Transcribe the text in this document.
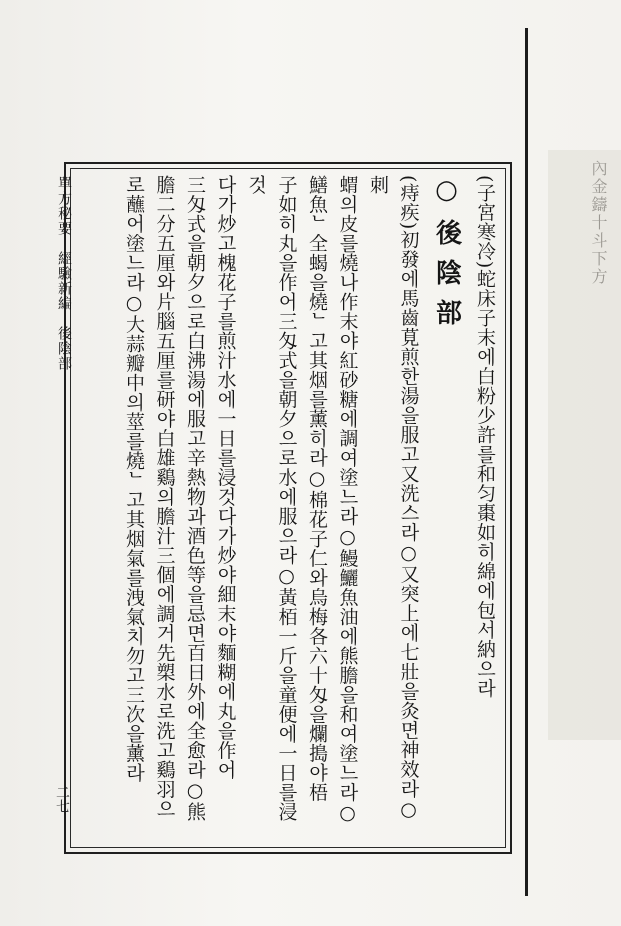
內金鑄十斗下方
(子宮寒冷)蛇床子末에白粉少許를和匀棗如히綿에包서納으라
○後陰部
(痔疾)初發에馬齒莧煎한湯을服고又洗스라○又突上에七壯을灸면神效라○刺
蝟의皮를燒나作末야紅砂糖에調여塗느라○鰻鱺魚油에熊膽을和여塗느라○
鱔魚ᄂ全蝎을燒ᄂ고其烟를薰히라○棉花子仁와烏梅各六十匁을爛搗야梧
子如히丸을作어三匁式을朝夕으로水에服으라○黃栢一斤을童便에一日를浸것
다가炒고槐花子를煎汁水에一日를浸것다가炒야細末야麵糊에丸을作어
三匁式을朝夕으로白沸湯에服고辛熱物과酒色等을忌면百日外에全愈라○熊
膽二分五厘와片腦五厘를研야白雄鷄의膽汁三個에調거先槊水로洗고鷄羽으
로蘸어塗느라○大蒜瓣中의莖를燒ᄂ고其烟氣를洩氣치勿고三次을薰라
單方秘要　經驗新編　後陰部
二七
